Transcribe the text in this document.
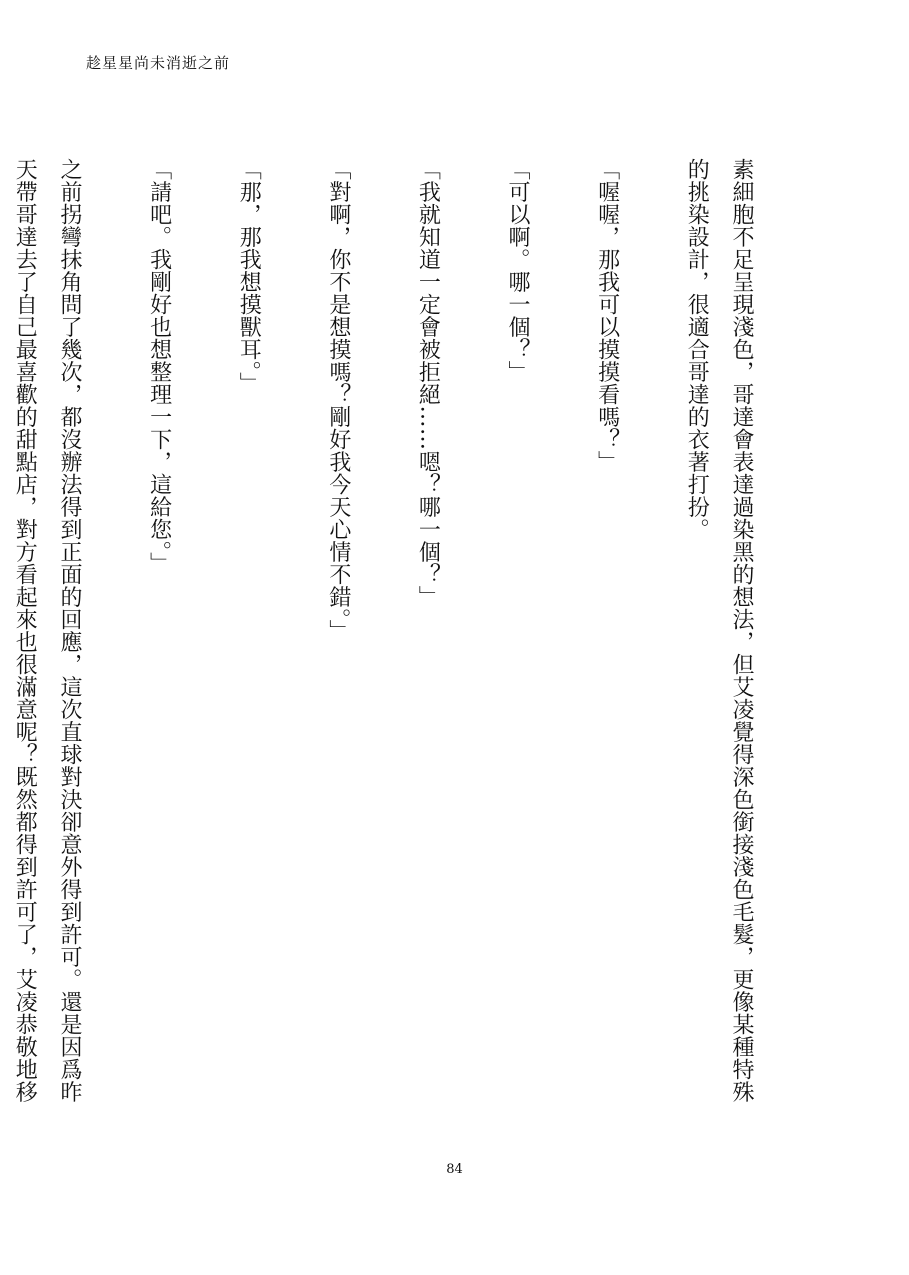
趁星星尚未消逝之前

素細胞不足呈現淺色，哥達會表達過染黑的想法，但艾凌覺得深色銜接淺色毛髮，更像某種特殊的挑染設計，很適合哥達的衣著打扮。

「喔喔，那我可以摸摸看嗎？」

「可以啊。哪一個？」

「我就知道一定會被拒絕……嗯？哪一個？」

「對啊，你不是想摸嗎？剛好我今天心情不錯。」

「那，那我想摸獸耳。」

「請吧。我剛好也想整理一下，這給您。」

之前拐彎抹角問了幾次，都沒辦法得到正面的回應，這次直球對決卻意外得到許可。還是因爲昨天帶哥達去了自己最喜歡的甜點店，對方看起來也很滿意呢？既然都得到許可了，艾凌恭敬地移

84
